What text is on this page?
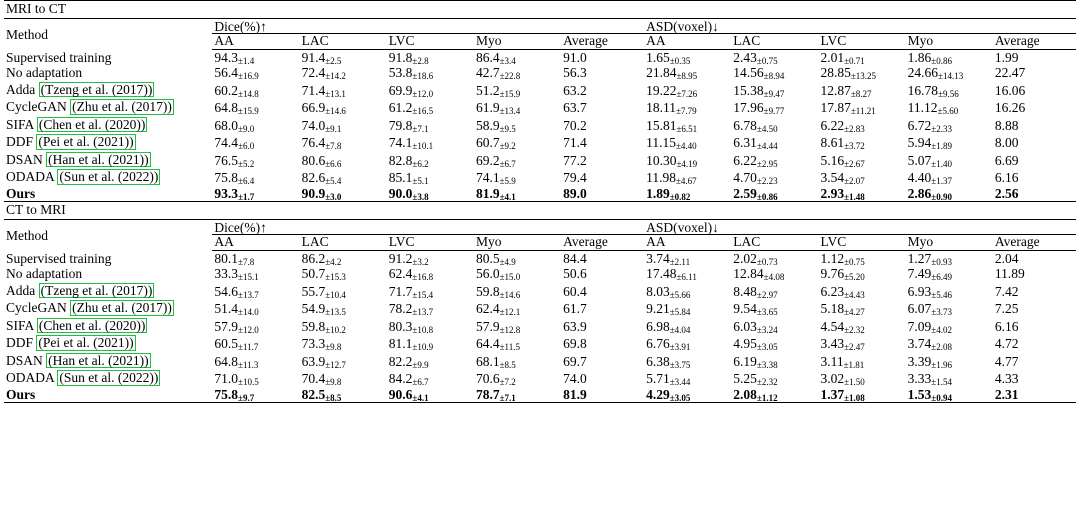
MRI to CT										
Method	Dice(%)↑					ASD(voxel)↓				
	AA	LAC	LVC	Myo	Average	AA	LAC	LVC	Myo	Average
Supervised training	94.3±1.4	91.4±2.5	91.8±2.8	86.4±3.4	91.0	1.65±0.35	2.43±0.75	2.01±0.71	1.86±0.86	1.99
No adaptation	56.4±16.9	72.4±14.2	53.8±18.6	42.7±22.8	56.3	21.84±8.95	14.56±8.94	28.85±13.25	24.66±14.13	22.47
Adda (Tzeng et al. (2017))	60.2±14.8	71.4±13.1	69.9±12.0	51.2±15.9	63.2	19.22±7.26	15.38±9.47	12.87±8.27	16.78±9.56	16.06
CycleGAN (Zhu et al. (2017))	64.8±15.9	66.9±14.6	61.2±16.5	61.9±13.4	63.7	18.11±7.79	17.96±9.77	17.87±11.21	11.12±5.60	16.26
SIFA (Chen et al. (2020))	68.0±9.0	74.0±9.1	79.8±7.1	58.9±9.5	70.2	15.81±6.51	6.78±4.50	6.22±2.83	6.72±2.33	8.88
DDF (Pei et al. (2021))	74.4±6.0	76.4±7.8	74.1±10.1	60.7±9.2	71.4	11.15±4.40	6.31±4.44	8.61±3.72	5.94±1.89	8.00
DSAN (Han et al. (2021))	76.5±5.2	80.6±6.6	82.8±6.2	69.2±6.7	77.2	10.30±4.19	6.22±2.95	5.16±2.67	5.07±1.40	6.69
ODADA (Sun et al. (2022))	75.8±6.4	82.6±5.4	85.1±5.1	74.1±5.9	79.4	11.98±4.67	4.70±2.23	3.54±2.07	4.40±1.37	6.16
Ours	93.3±1.7	90.9±3.0	90.0±3.8	81.9±4.1	89.0	1.89±0.82	2.59±0.86	2.93±1.48	2.86±0.90	2.56
CT to MRI										
Method	Dice(%)↑					ASD(voxel)↓				
	AA	LAC	LVC	Myo	Average	AA	LAC	LVC	Myo	Average
Supervised training	80.1±7.8	86.2±4.2	91.2±3.2	80.5±4.9	84.4	3.74±2.11	2.02±0.73	1.12±0.75	1.27±0.93	2.04
No adaptation	33.3±15.1	50.7±15.3	62.4±16.8	56.0±15.0	50.6	17.48±6.11	12.84±4.08	9.76±5.20	7.49±6.49	11.89
Adda (Tzeng et al. (2017))	54.6±13.7	55.7±10.4	71.7±15.4	59.8±14.6	60.4	8.03±5.66	8.48±2.97	6.23±4.43	6.93±5.46	7.42
CycleGAN (Zhu et al. (2017))	51.4±14.0	54.9±13.5	78.2±13.7	62.4±12.1	61.7	9.21±5.84	9.54±3.65	5.18±4.27	6.07±3.73	7.25
SIFA (Chen et al. (2020))	57.9±12.0	59.8±10.2	80.3±10.8	57.9±12.8	63.9	6.98±4.04	6.03±3.24	4.54±2.32	7.09±4.02	6.16
DDF (Pei et al. (2021))	60.5±11.7	73.3±9.8	81.1±10.9	64.4±11.5	69.8	6.76±3.91	4.95±3.05	3.43±2.47	3.74±2.08	4.72
DSAN (Han et al. (2021))	64.8±11.3	63.9±12.7	82.2±9.9	68.1±8.5	69.7	6.38±3.75	6.19±3.38	3.11±1.81	3.39±1.96	4.77
ODADA (Sun et al. (2022))	71.0±10.5	70.4±9.8	84.2±6.7	70.6±7.2	74.0	5.71±3.44	5.25±2.32	3.02±1.50	3.33±1.54	4.33
Ours	75.8±9.7	82.5±8.5	90.6±4.1	78.7±7.1	81.9	4.29±3.05	2.08±1.12	1.37±1.08	1.53±0.94	2.31
